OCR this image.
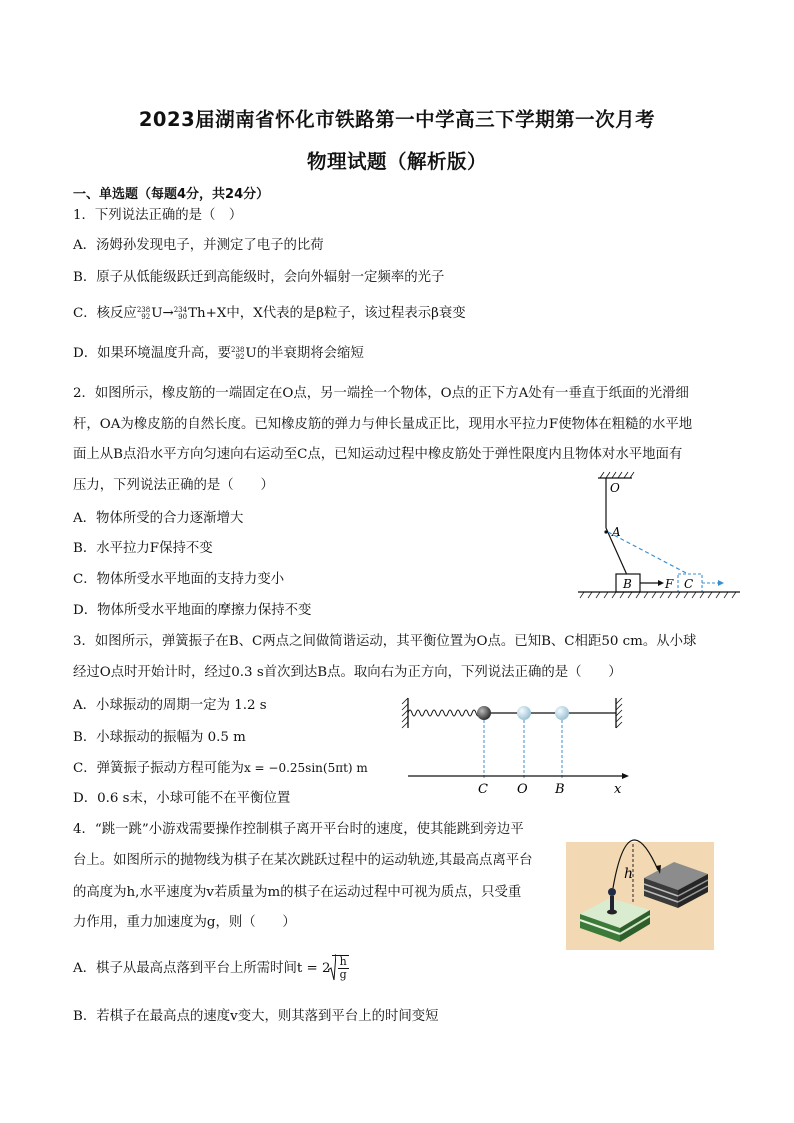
2023届湖南省怀化市铁路第一中学高三下学期第一次月考
物理试题（解析版）
一、单选题（每题4分，共24分）
1．下列说法正确的是（　）
A．汤姆孙发现电子，并测定了电子的比荷
B．原子从低能级跃迁到高能级时，会向外辐射一定频率的光子
C．核反应238
92U→234
90Th+X中，X代表的是β粒子，该过程表示β衰变
D．如果环境温度升高，要238
92U的半衰期将会缩短
2．如图所示，橡皮筋的一端固定在O点，另一端拴一个物体，O点的正下方A处有一垂直于纸面的光滑细
杆，OA为橡皮筋的自然长度。已知橡皮筋的弹力与伸长量成正比，现用水平拉力F使物体在粗糙的水平地
面上从B点沿水平方向匀速向右运动至C点，已知运动过程中橡皮筋处于弹性限度内且物体对水平地面有
压力，下列说法正确的是（　　）
A．物体所受的合力逐渐增大
B．水平拉力F保持不变
C．物体所受水平地面的支持力变小
D．物体所受水平地面的摩擦力保持不变
O
A
B	F C
3．如图所示，弹簧振子在B、C两点之间做简谐运动，其平衡位置为O点。已知B、C相距50 cm。从小球
经过O点时开始计时，经过0.3 s首次到达B点。取向右为正方向，下列说法正确的是（　　）
A．小球振动的周期一定为 1.2 s
B．小球振动的振幅为 0.5 m
C．弹簧振子振动方程可能为x = −0.25sin(5πt) m
D．0.6 s末，小球可能不在平衡位置
C O B	x
4．“跳一跳”小游戏需要操作控制棋子离开平台时的速度，使其能跳到旁边平
台上。如图所示的抛物线为棋子在某次跳跃过程中的运动轨迹,其最高点离平台
的高度为h,水平速度为v若质量为m的棋子在运动过程中可视为质点，只受重
力作用，重力加速度为g，则（　　）
A．棋子从最高点落到平台上所需时间$t = 2 \frac{h}{g}$
B．若棋子在最高点的速度v变大，则其落到平台上的时间变短
h
